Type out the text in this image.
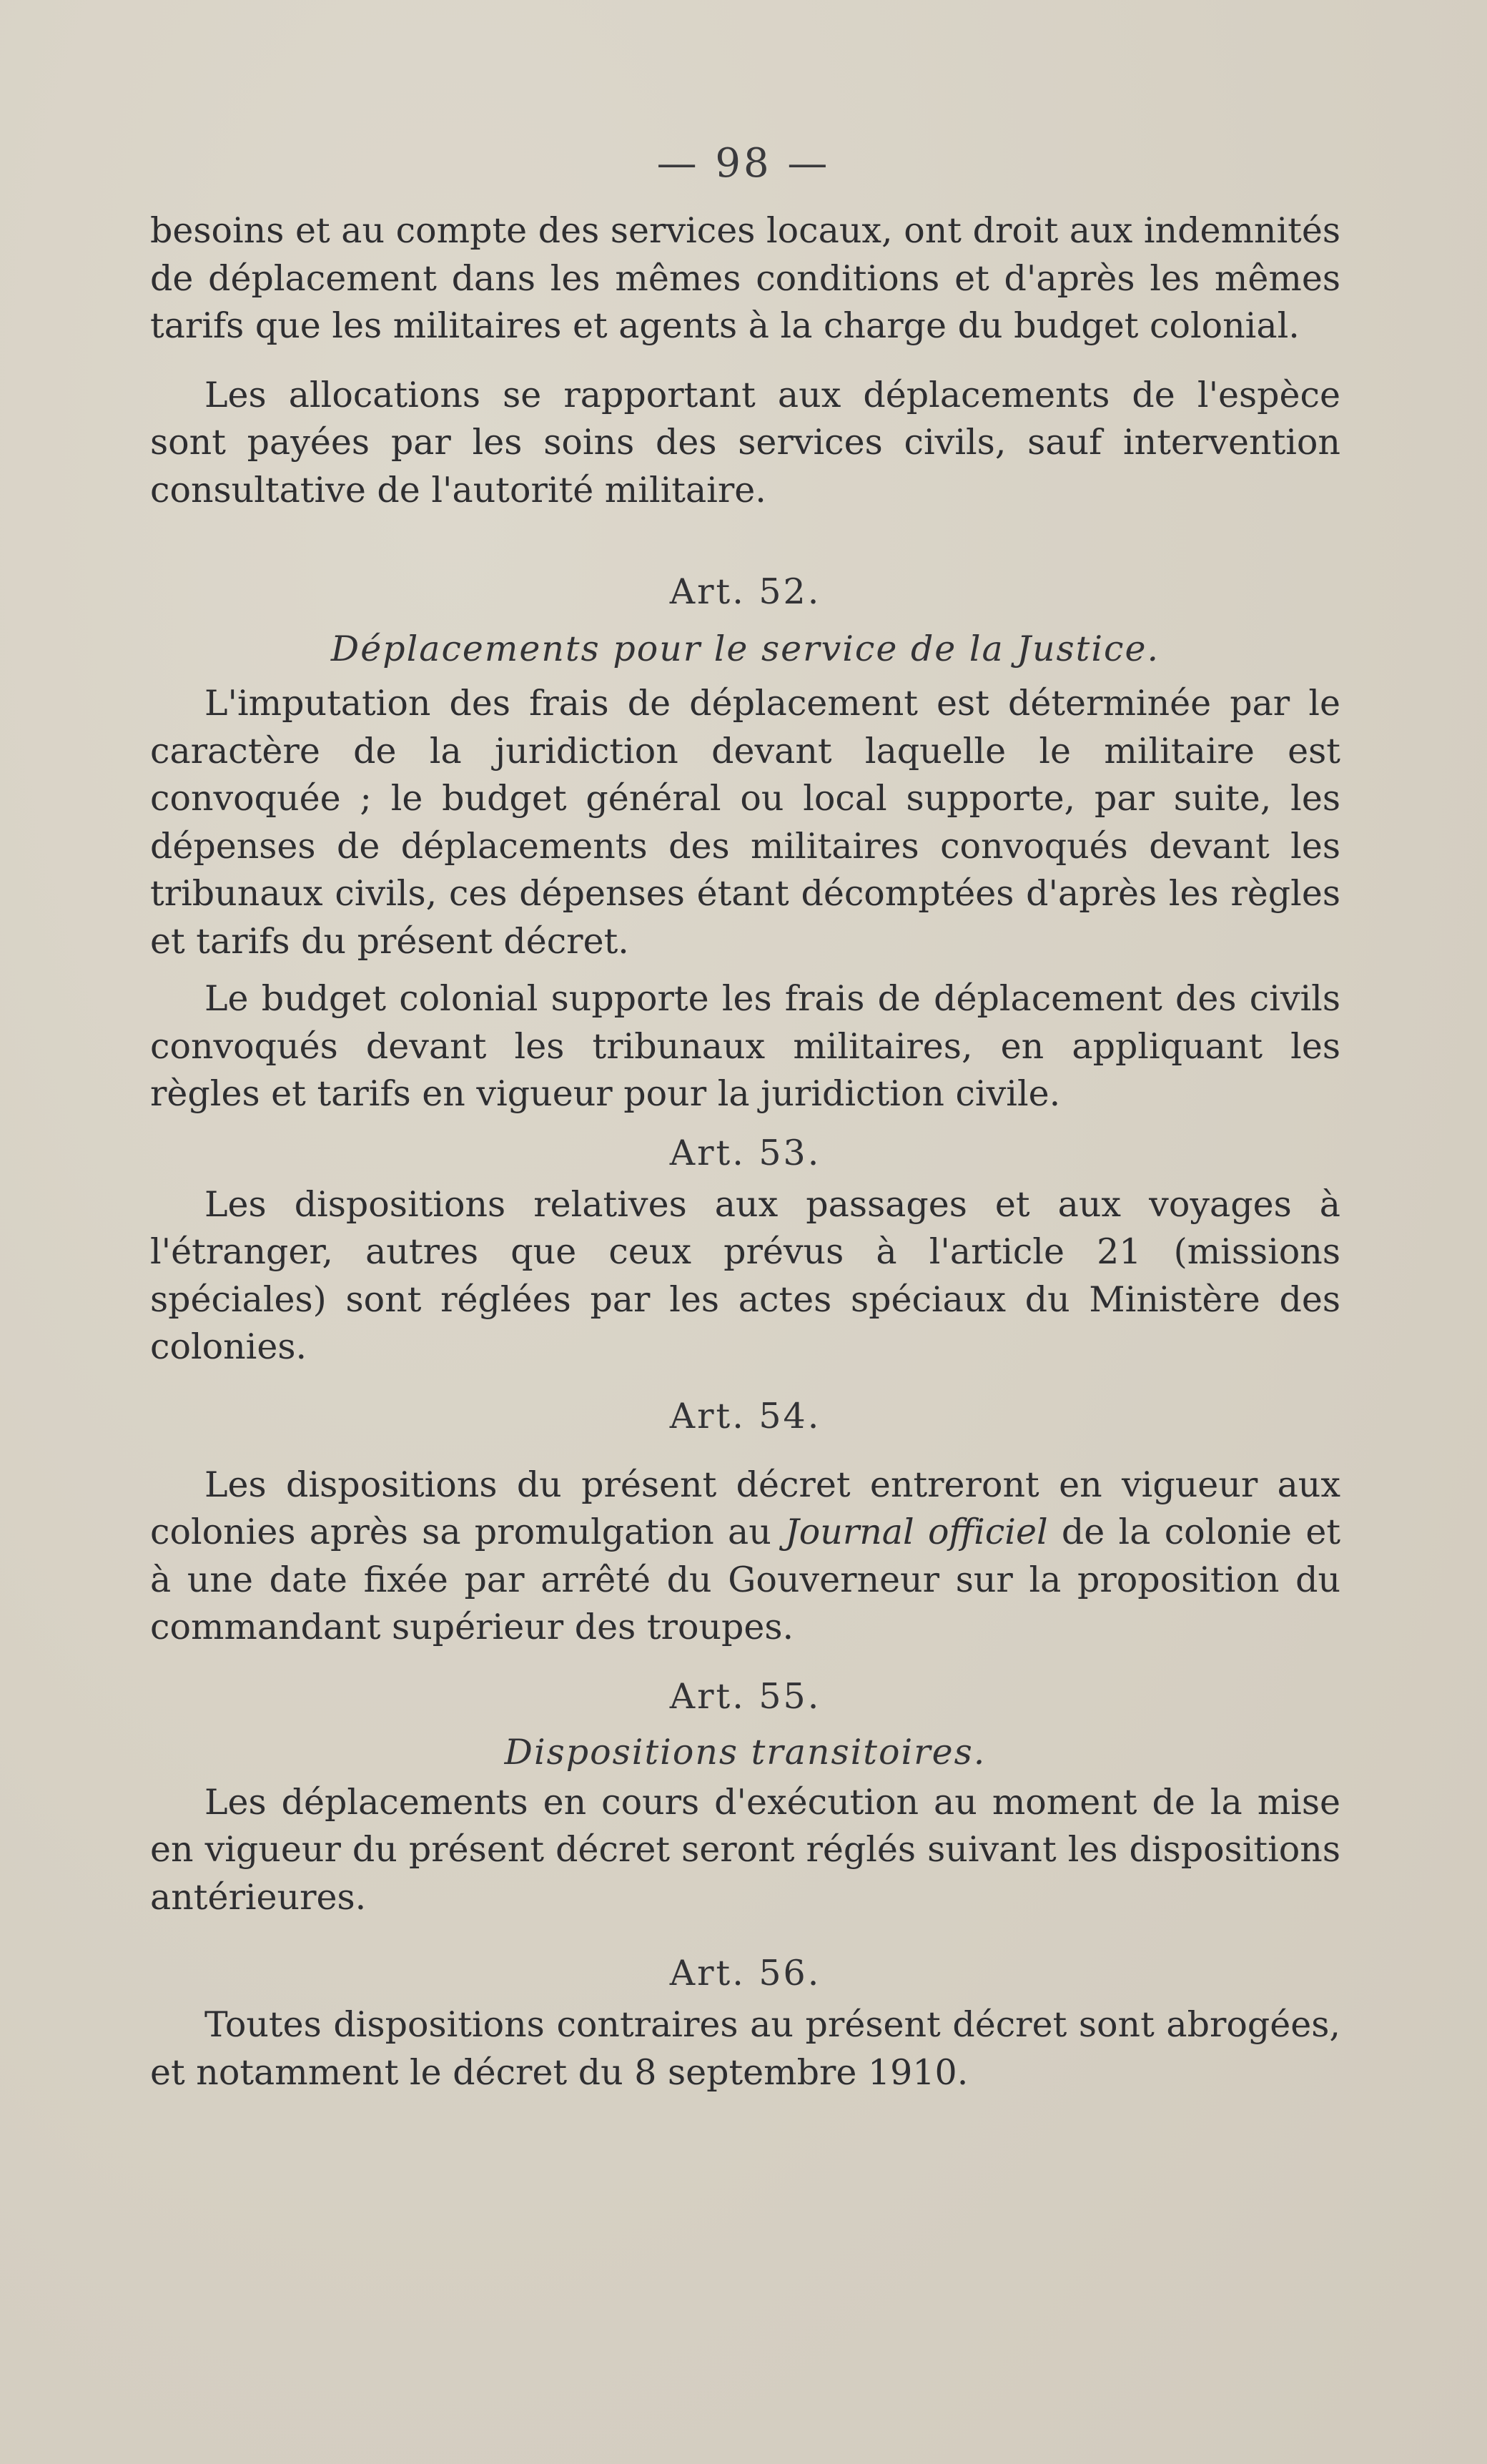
— 98 —

besoins et au compte des services locaux, ont droit aux indemnités de déplacement dans les mêmes conditions et d'après les mêmes tarifs que les militaires et agents à la charge du budget colonial.

Les allocations se rapportant aux déplacements de l'espèce sont payées par les soins des services civils, sauf intervention consultative de l'autorité militaire.

Art. 52.

Déplacements pour le service de la Justice.

L'imputation des frais de déplacement est déterminée par le caractère de la juridiction devant laquelle le militaire est convoquée ; le budget général ou local supporte, par suite, les dépenses de déplacements des militaires convoqués devant les tribunaux civils, ces dépenses étant décomptées d'après les règles et tarifs du présent décret.

Le budget colonial supporte les frais de déplacement des civils convoqués devant les tribunaux militaires, en appliquant les règles et tarifs en vigueur pour la juridiction civile.

Art. 53.

Les dispositions relatives aux passages et aux voyages à l'étranger, autres que ceux prévus à l'article 21 (missions spéciales) sont réglées par les actes spéciaux du Ministère des colonies.

Art. 54.

Les dispositions du présent décret entreront en vigueur aux colonies après sa promulgation au Journal officiel de la colonie et à une date fixée par arrêté du Gouverneur sur la proposition du commandant supérieur des troupes.

Art. 55.

Dispositions transitoires.

Les déplacements en cours d'exécution au moment de la mise en vigueur du présent décret seront réglés suivant les dispositions antérieures.

Art. 56.

Toutes dispositions contraires au présent décret sont abrogées, et notamment le décret du 8 septembre 1910.
